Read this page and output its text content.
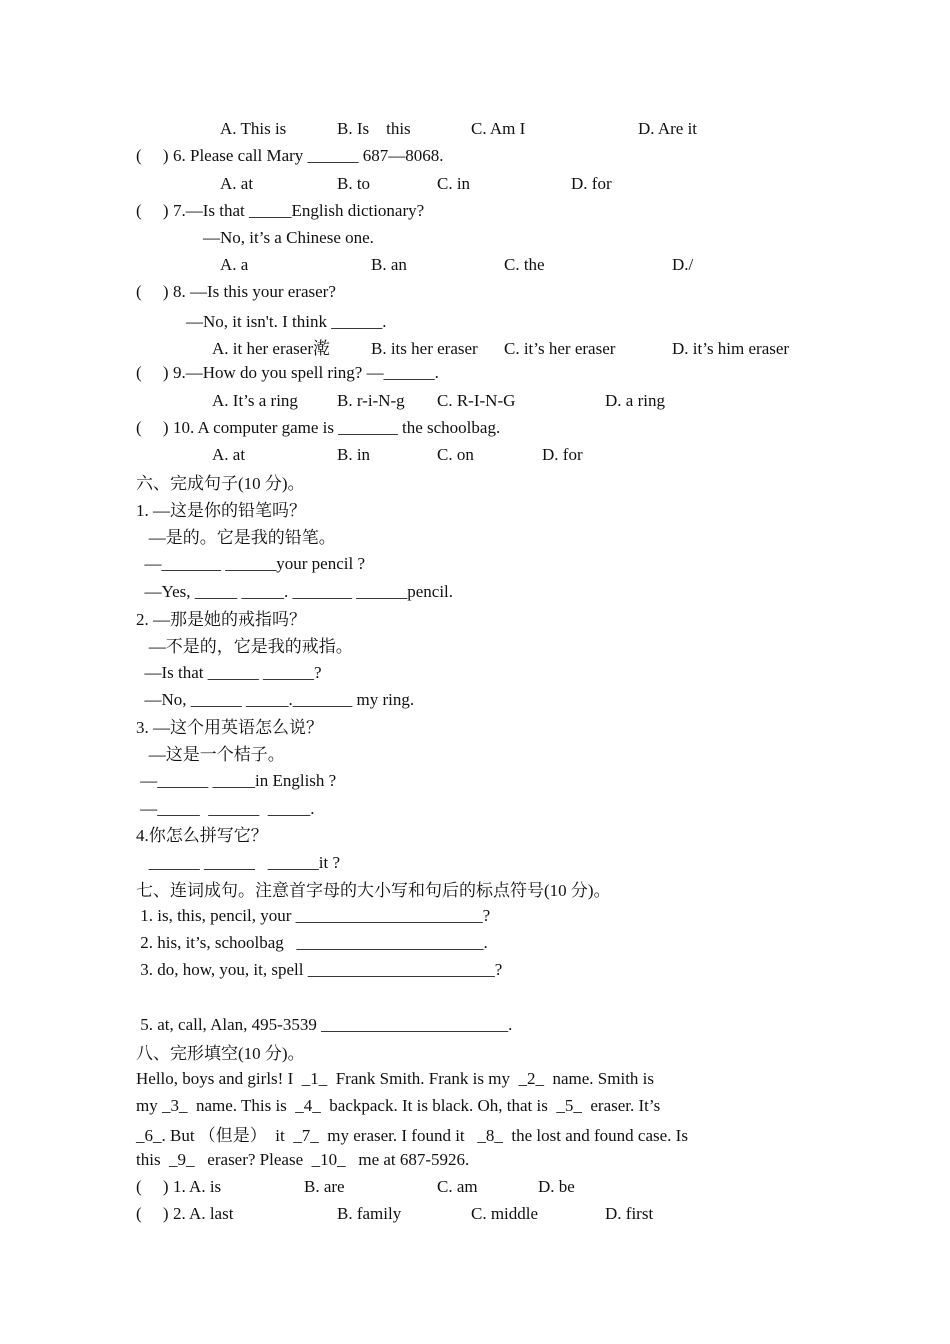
A. This is	B. Is    this	C. Am I	D. Are it
(     ) 6. Please call Mary ______ 687—8068.
A. at	B. to	C. in	D. for
(     ) 7.—Is that _____English dictionary?
—No, it’s a Chinese one.
A. a	B. an	C. the	D./
(     ) 8. —Is this your eraser?
—No, it isn't. I think ______.
A. it her eraser漧 B. its her eraser C. it’s her eraser	D. it’s him eraser
(     ) 9.—How do you spell ring? —______.
A. It’s a ring B. r-i-N-g C. R-I-N-G	D. a ring
(     ) 10. A computer game is _______ the schoolbag.
A. at	B. in	C. on	D. for
六、完成句子(10 分)。
1. —这是你的铅笔吗？
—是的。它是我的铅笔。
—_______ ______your pencil ?
—Yes, _____ _____. _______ ______pencil.
2. —那是她的戒指吗？
—不是的，它是我的戒指。
—Is that ______ ______?
—No, ______ _____._______ my ring.
3. —这个用英语怎么说？
—这是一个桔子。
—______ _____in English ?
—_____  ______  _____.
4.你怎么拼写它？
______ ______   ______it ?
七、连词成句。注意首字母的大小写和句后的标点符号(10 分)。
1. is, this, pencil, your ______________________?
2. his, it’s, schoolbag   ______________________.
3. do, how, you, it, spell ______________________?
5. at, call, Alan, 495-3539 ______________________.
八、完形填空(10 分)。
Hello, boys and girls! I  _1_  Frank Smith. Frank is my  _2_  name. Smith is
my _3_  name. This is  _4_  backpack. It is black. Oh, that is  _5_  eraser. It’s
_6_. But （但是）  it  _7_  my eraser. I found it   _8_  the lost and found case. Is
this  _9_   eraser? Please  _10_   me at 687-5926.
(     ) 1. A. is	B. are	C. am	D. be
(     ) 2. A. last	B. family	C. middle	D. first
